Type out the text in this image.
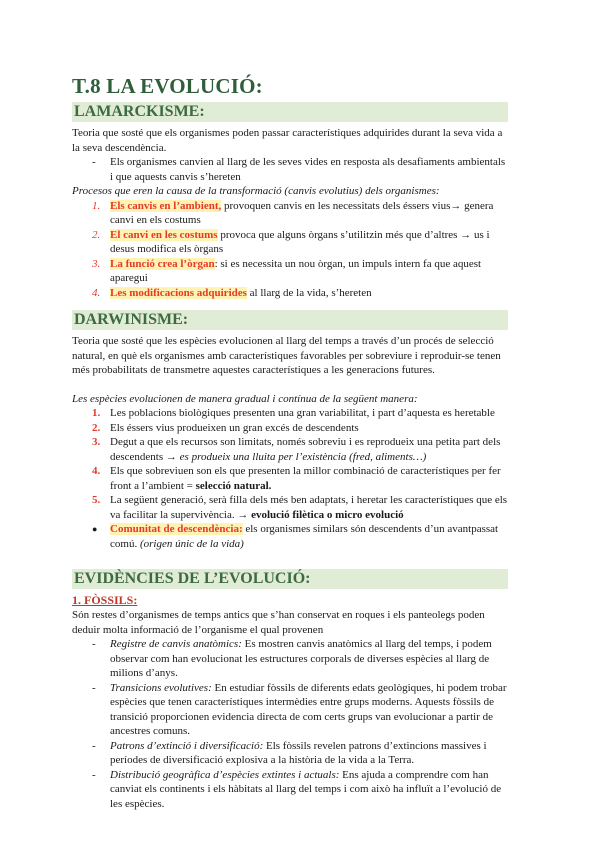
T.8 LA EVOLUCIÓ:
LAMARCKISME:

Teoria que sosté que els organismes poden passar característiques adquirides durant la seva vida a la seva descendència.

- Els organismes canvien al llarg de les seves vides en resposta als desafiaments ambientals i que aquests canvis s’hereten

Procesos que eren la causa de la transformació (canvis evolutius) dels organismes:

1. Els canvis en l’ambient, provoquen canvis en les necessitats dels éssers vius→ genera canvi en els costums
2. El canvi en les costums provoca que alguns òrgans s’utilitzin més que d’altres → us i desus modifica els òrgans
3. La funció crea l’òrgan: si es necessita un nou òrgan, un impuls intern fa que aquest aparegui
4. Les modificacions adquirides al llarg de la vida, s’hereten
DARWINISME:

Teoria que sosté que les espècies evolucionen al llarg del temps a través d’un procés de selecció natural, en què els organismes amb característiques favorables per sobreviure i reproduir-se tenen més probabilitats de transmetre aquestes característiques a les generacions futures.

Les espècies evolucionen de manera gradual i contínua de la següent manera:

1. Les poblacions biològiques presenten una gran variabilitat, i part d’aquesta es heretable
2. Els éssers vius produeixen un gran excés de descendents
3. Degut a que els recursos son limitats, només sobreviu i es reprodueix una petita part dels descendents → es produeix una lluita per l’existència (fred, aliments…)
4. Els que sobreviuen son els que presenten la millor combinació de característiques per fer front a l’ambient = selecció natural.
5. La següent generació, serà filla dels més ben adaptats, i heretar les característiques que els va facilitar la supervivència. → evolució filètica o micro evolució
● Comunitat de descendència: els organismes similars són descendents d’un avantpassat comú. (origen únic de la vida)
EVIDÈNCIES DE L’EVOLUCIÓ:

1. FÒSSILS:

Són restes d’organismes de temps antics que s’han conservat en roques i els panteolegs poden deduir molta informació de l’organisme el qual provenen

- Registre de canvis anatòmics: Es mostren canvis anatòmics al llarg del temps, i podem observar com han evolucionat les estructures corporals de diverses espècies al llarg de milions d’anys.
- Transicions evolutives: En estudiar fòssils de diferents edats geològiques, hi podem trobar espècies que tenen característiques intermèdies entre grups moderns. Aquests fòssils de transició proporcionen evidencia directa de com certs grups van evolucionar a partir de ancestres comuns.
- Patrons d’extinció i diversificació: Els fòssils revelen patrons d’extincions massives i períodes de diversificació explosiva a la història de la vida a la Terra.
- Distribució geogràfica d’espècies extintes i actuals: Ens ajuda a comprendre com han canviat els continents i els hàbitats al llarg del temps i com això ha influït a l’evolució de les espècies.
